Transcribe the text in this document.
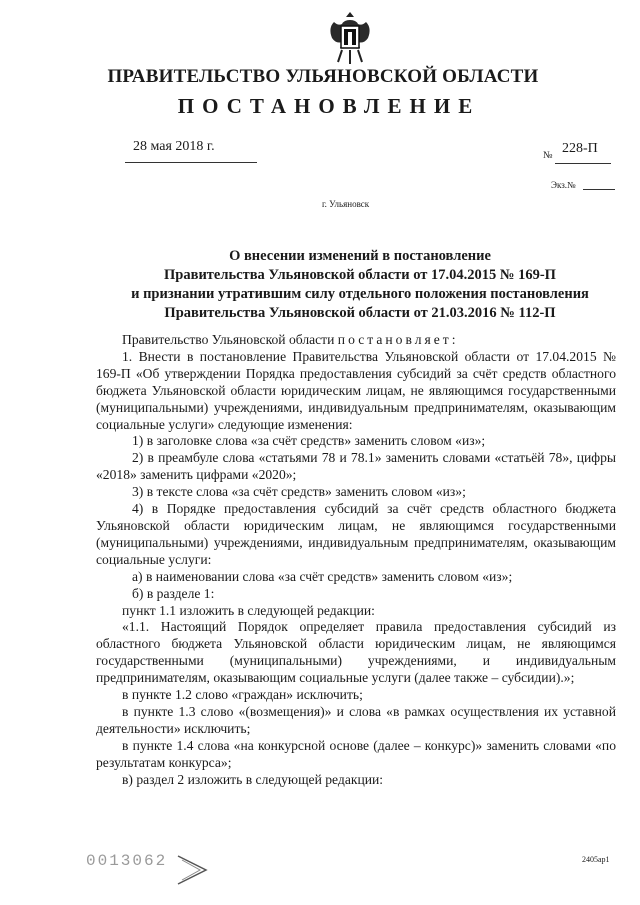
ПРАВИТЕЛЬСТВО УЛЬЯНОВСКОЙ ОБЛАСТИ
ПОСТАНОВЛЕНИЕ
28 мая 2018 г.
№ 228-П
Экз.№
г. Ульяновск
О внесении изменений в постановление
Правительства Ульяновской области от 17.04.2015 № 169-П
и признании утратившим силу отдельного положения постановления
Правительства Ульяновской области от 21.03.2016 № 112-П

Правительство Ульяновской области постановляет:

1. Внести в постановление Правительства Ульяновской области от 17.04.2015 № 169-П «Об утверждении Порядка предоставления субсидий за счёт средств областного бюджета Ульяновской области юридическим лицам, не являющимся государственными (муниципальными) учреждениями, индивидуальным предпринимателям, оказывающим социальные услуги» следующие изменения:

1) в заголовке слова «за счёт средств» заменить словом «из»;

2) в преамбуле слова «статьями 78 и 78.1» заменить словами «статьёй 78», цифры «2018» заменить цифрами «2020»;

3) в тексте слова «за счёт средств» заменить словом «из»;

4) в Порядке предоставления субсидий за счёт средств областного бюджета Ульяновской области юридическим лицам, не являющимся государственными (муниципальными) учреждениями, индивидуальным предпринимателям, оказывающим социальные услуги:

а) в наименовании слова «за счёт средств» заменить словом «из»;

б) в разделе 1:

пункт 1.1 изложить в следующей редакции:

«1.1. Настоящий Порядок определяет правила предоставления субсидий из областного бюджета Ульяновской области юридическим лицам, не являющимся государственными (муниципальными) учреждениями, и индивидуальным предпринимателям, оказывающим социальные услуги (далее также – субсидии).»;

в пункте 1.2 слово «граждан» исключить;

в пункте 1.3 слово «(возмещения)» и слова «в рамках осуществления их уставной деятельности» исключить;

в пункте 1.4 слова «на конкурсной основе (далее – конкурс)» заменить словами «по результатам конкурса»;

в) раздел 2 изложить в следующей редакции:

0013062	2405ap1
